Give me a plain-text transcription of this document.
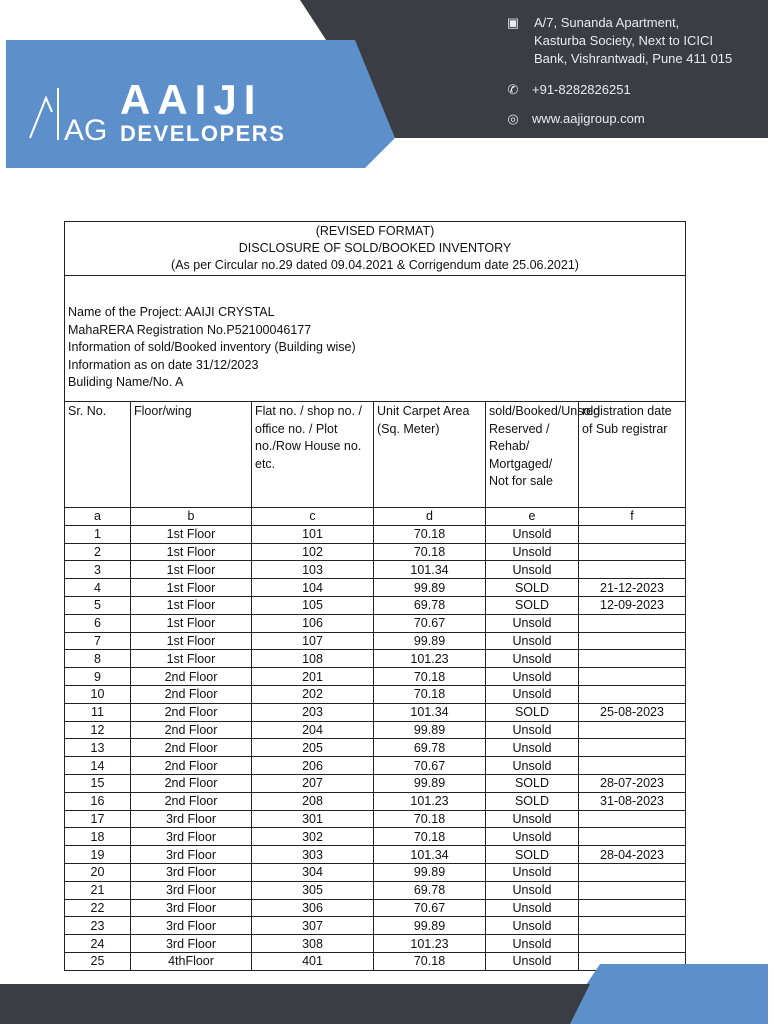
AG
AAIJI
DEVELOPERS
▣ A/7, Sunanda Apartment,
Kasturba Society, Next to ICICI
Bank, Vishrantwadi, Pune 411 015
✆ +91-8282826251
◎ www.aajigroup.com
(REVISED FORMAT)
DISCLOSURE OF SOLD/BOOKED INVENTORY
(As per Circular no.29 dated 09.04.2021 & Corrigendum date 25.06.2021)
Name of the Project: AAIJI CRYSTAL
MahaRERA Registration No.P52100046177
Information of sold/Booked inventory (Building wise)
Information as on date 31/12/2023
Buliding Name/No. A
Sr. No.	Floor/wing	Flat no. / shop no. / office no. / Plot no./Row House no. etc.	Unit Carpet Area (Sq. Meter)	sold/Booked/Unsold Reserved / Rehab/ Mortgaged/ Not for sale	registration date of Sub registrar
a	b	c	d	e	f
1	1st Floor	101	70.18	Unsold	
2	1st Floor	102	70.18	Unsold	
3	1st Floor	103	101.34	Unsold	
4	1st Floor	104	99.89	SOLD	21-12-2023
5	1st Floor	105	69.78	SOLD	12-09-2023
6	1st Floor	106	70.67	Unsold	
7	1st Floor	107	99.89	Unsold	
8	1st Floor	108	101.23	Unsold	
9	2nd Floor	201	70.18	Unsold	
10	2nd Floor	202	70.18	Unsold	
11	2nd Floor	203	101.34	SOLD	25-08-2023
12	2nd Floor	204	99.89	Unsold	
13	2nd Floor	205	69.78	Unsold	
14	2nd Floor	206	70.67	Unsold	
15	2nd Floor	207	99.89	SOLD	28-07-2023
16	2nd Floor	208	101.23	SOLD	31-08-2023
17	3rd Floor	301	70.18	Unsold	
18	3rd Floor	302	70.18	Unsold	
19	3rd Floor	303	101.34	SOLD	28-04-2023
20	3rd Floor	304	99.89	Unsold	
21	3rd Floor	305	69.78	Unsold	
22	3rd Floor	306	70.67	Unsold	
23	3rd Floor	307	99.89	Unsold	
24	3rd Floor	308	101.23	Unsold	
25	4thFloor	401	70.18	Unsold	
